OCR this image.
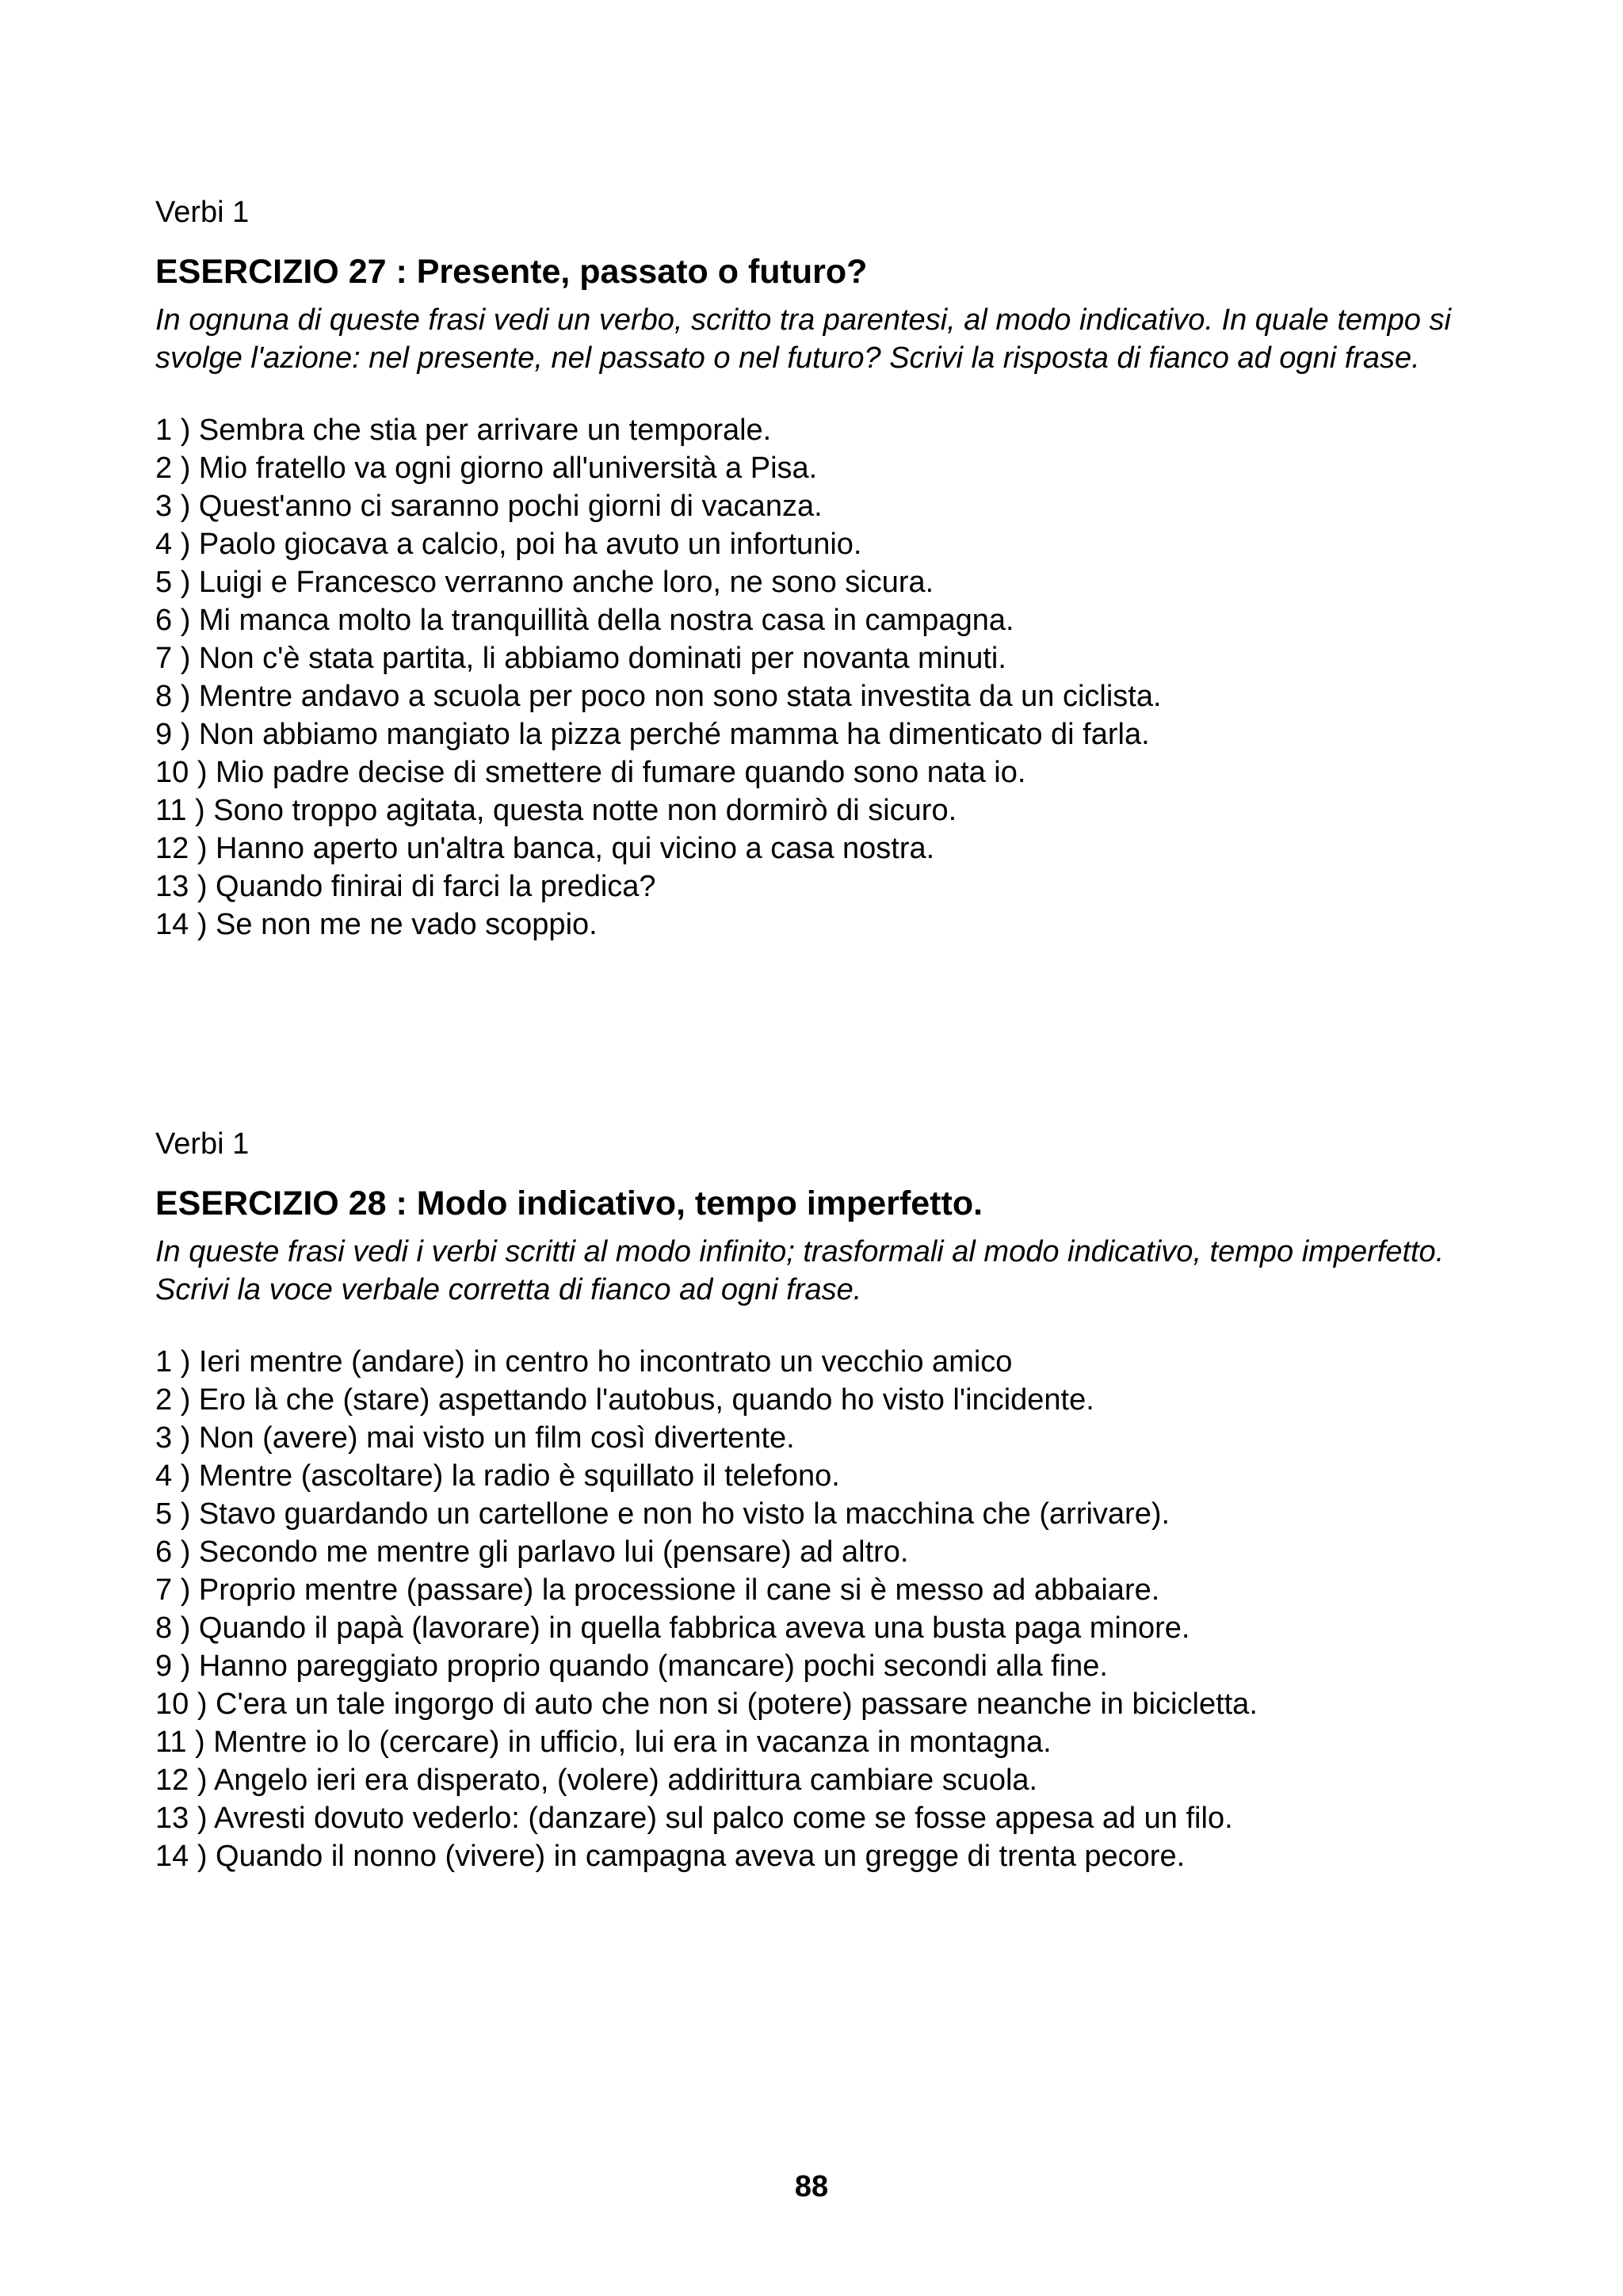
Verbi 1

ESERCIZIO 27 : Presente, passato o futuro?

In ognuna di queste frasi vedi un verbo, scritto tra parentesi, al modo indicativo. In quale tempo si svolge l'azione: nel presente, nel passato o nel futuro? Scrivi la risposta di fianco ad ogni frase.

1 ) Sembra che stia per arrivare un temporale.
2 ) Mio fratello va ogni giorno all'università a Pisa.
3 ) Quest'anno ci saranno pochi giorni di vacanza.
4 ) Paolo giocava a calcio, poi ha avuto un infortunio.
5 ) Luigi e Francesco verranno anche loro, ne sono sicura.
6 ) Mi manca molto la tranquillità della nostra casa in campagna.
7 ) Non c'è stata partita, li abbiamo dominati per novanta minuti.
8 ) Mentre andavo a scuola per poco non sono stata investita da un ciclista.
9 ) Non abbiamo mangiato la pizza perché mamma ha dimenticato di farla.
10 ) Mio padre decise di smettere di fumare quando sono nata io.
11 ) Sono troppo agitata, questa notte non dormirò di sicuro.
12 ) Hanno aperto un'altra banca, qui vicino a casa nostra.
13 ) Quando finirai di farci la predica?
14 ) Se non me ne vado scoppio.

Verbi 1

ESERCIZIO 28 : Modo indicativo, tempo imperfetto.

In queste frasi vedi i verbi scritti al modo infinito; trasformali al modo indicativo, tempo imperfetto. Scrivi la voce verbale corretta di fianco ad ogni frase.

1 ) Ieri mentre (andare) in centro ho incontrato un vecchio amico
2 ) Ero là che (stare) aspettando l'autobus, quando ho visto l'incidente.
3 ) Non (avere) mai visto un film così divertente.
4 ) Mentre (ascoltare) la radio è squillato il telefono.
5 ) Stavo guardando un cartellone e non ho visto la macchina che (arrivare).
6 ) Secondo me mentre gli parlavo lui (pensare) ad altro.
7 ) Proprio mentre (passare) la processione il cane si è messo ad abbaiare.
8 ) Quando il papà (lavorare) in quella fabbrica aveva una busta paga minore.
9 ) Hanno pareggiato proprio quando (mancare) pochi secondi alla fine.
10 ) C'era un tale ingorgo di auto che non si (potere) passare neanche in bicicletta.
11 ) Mentre io lo (cercare) in ufficio, lui era in vacanza in montagna.
12 ) Angelo ieri era disperato, (volere) addirittura cambiare scuola.
13 ) Avresti dovuto vederlo: (danzare) sul palco come se fosse appesa ad un filo.
14 ) Quando il nonno (vivere) in campagna aveva un gregge di trenta pecore.
88
